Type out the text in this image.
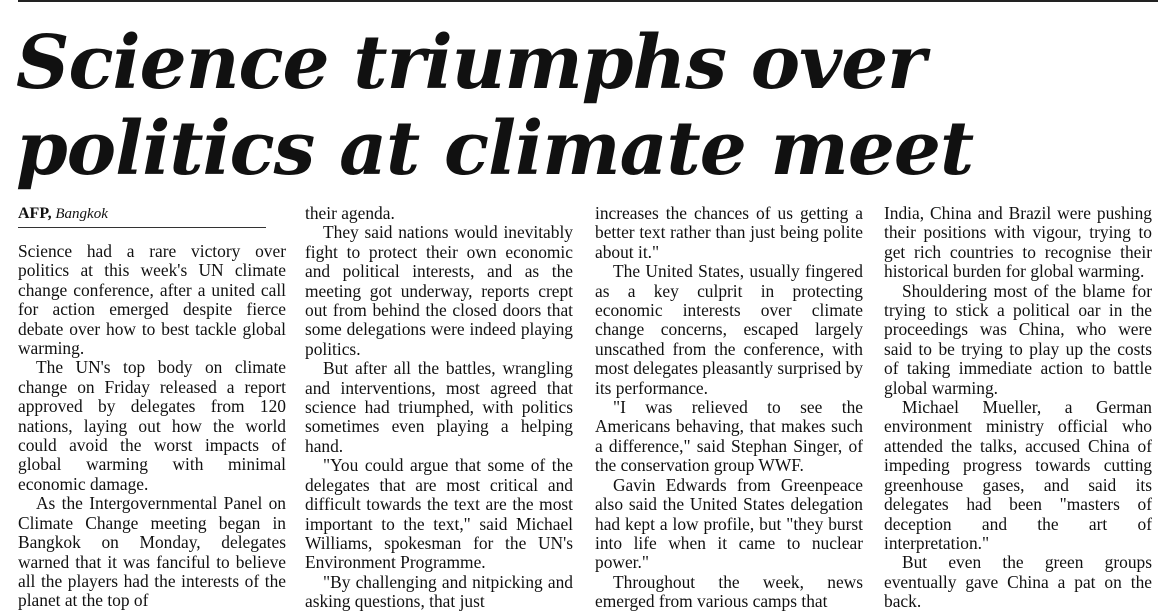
Science triumphs over politics at climate meet
AFP, Bangkok

Science had a rare victory over politics at this week's UN climate change conference, after a united call for action emerged despite fierce debate over how to best tackle global warming.

The UN's top body on climate change on Friday released a report approved by delegates from 120 nations, laying out how the world could avoid the worst impacts of global warming with minimal economic damage.

As the Intergovernmental Panel on Climate Change meeting began in Bangkok on Monday, delegates warned that it was fanciful to believe all the players had the interests of the planet at the top of

their agenda.

They said nations would inevitably fight to protect their own economic and political interests, and as the meeting got underway, reports crept out from behind the closed doors that some delegations were indeed playing politics.

But after all the battles, wrangling and interventions, most agreed that science had triumphed, with politics sometimes even playing a helping hand.

"You could argue that some of the delegates that are most critical and difficult towards the text are the most important to the text," said Michael Williams, spokesman for the UN's Environment Programme.

"By challenging and nitpicking and asking questions, that just

increases the chances of us getting a better text rather than just being polite about it."

The United States, usually fingered as a key culprit in protecting economic interests over climate change concerns, escaped largely unscathed from the conference, with most delegates pleasantly surprised by its performance.

"I was relieved to see the Americans behaving, that makes such a difference," said Stephan Singer, of the conservation group WWF.

Gavin Edwards from Greenpeace also said the United States delegation had kept a low profile, but "they burst into life when it came to nuclear power."

Throughout the week, news emerged from various camps that

India, China and Brazil were pushing their positions with vigour, trying to get rich countries to recognise their historical burden for global warming.

Shouldering most of the blame for trying to stick a political oar in the proceedings was China, who were said to be trying to play up the costs of taking immediate action to battle global warming.

Michael Mueller, a German environment ministry official who attended the talks, accused China of impeding progress towards cutting greenhouse gases, and said its delegates had been "masters of deception and the art of interpretation."

But even the green groups eventually gave China a pat on the back.
